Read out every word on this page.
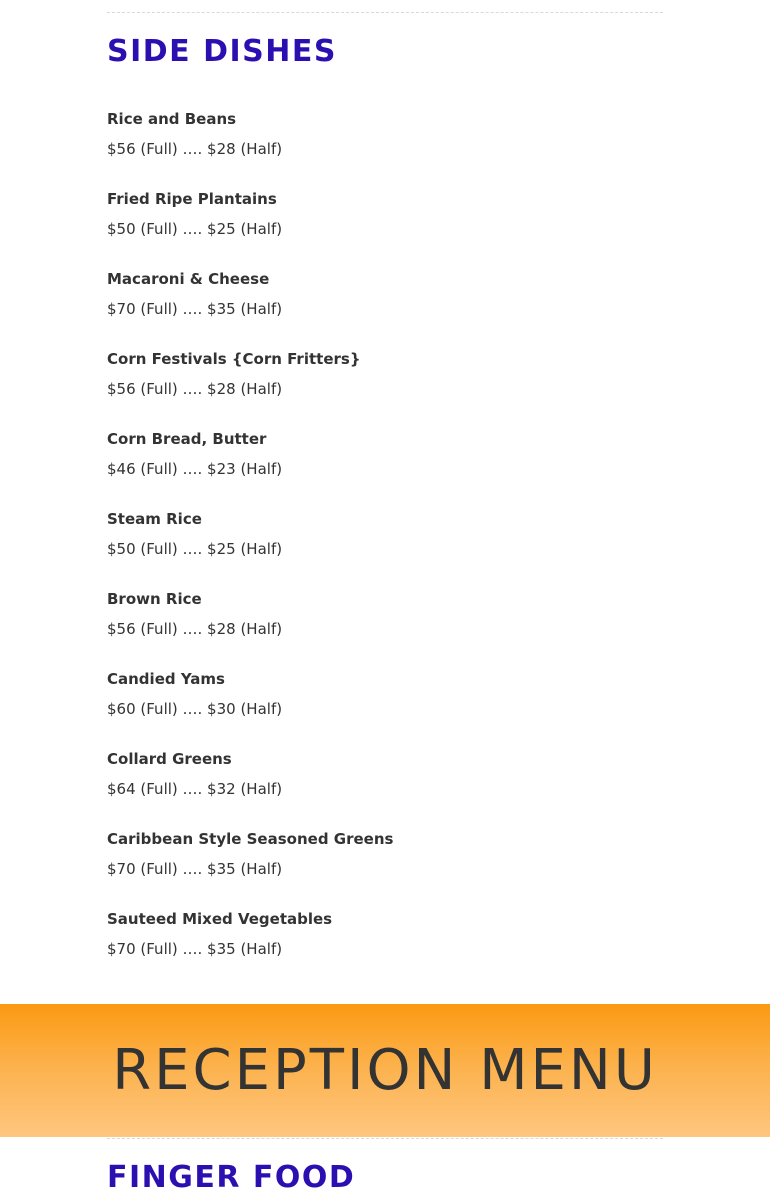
SIDE DISHES
Rice and Beans
$56 (Full) …. $28 (Half)
Fried Ripe Plantains
$50 (Full) …. $25 (Half)
Macaroni & Cheese
$70 (Full) …. $35 (Half)
Corn Festivals {Corn Fritters}
$56 (Full) …. $28 (Half)
Corn Bread, Butter
$46 (Full) …. $23 (Half)
Steam Rice
$50 (Full) …. $25 (Half)
Brown Rice
$56 (Full) …. $28 (Half)
Candied Yams
$60 (Full) …. $30 (Half)
Collard Greens
$64 (Full) …. $32 (Half)
Caribbean Style Seasoned Greens
$70 (Full) …. $35 (Half)
Sauteed Mixed Vegetables
$70 (Full) …. $35 (Half)
RECEPTION MENU
FINGER FOOD
